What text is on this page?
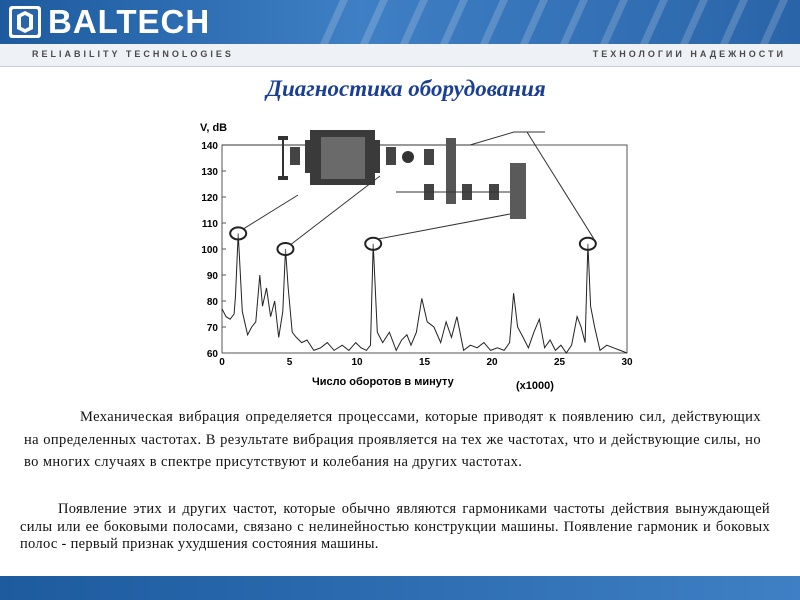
BALTECH
RELIABILITY TECHNOLOGIES	ТЕХНОЛОГИИ НАДЕЖНОСТИ
Диагностика оборудования
60
70
80
90
100
110
120
130
140
0	5	10	15	20	25	30
V, dB
Число оборотов в минуту	(x1000)

Механическая вибрация определяется процессами, которые приводят к появлению сил, действующих на определенных частотах. В результате вибрация проявляется на тех же частотах, что и действующие силы, но во многих случаях в спектре присутствуют и колебания на других частотах.

Появление этих и других частот, которые обычно являются гармониками частоты действия вынуждающей силы или ее боковыми полосами, связано с нелинейностью конструкции машины. Появление гармоник и боковых полос - первый признак ухудшения состояния машины.
